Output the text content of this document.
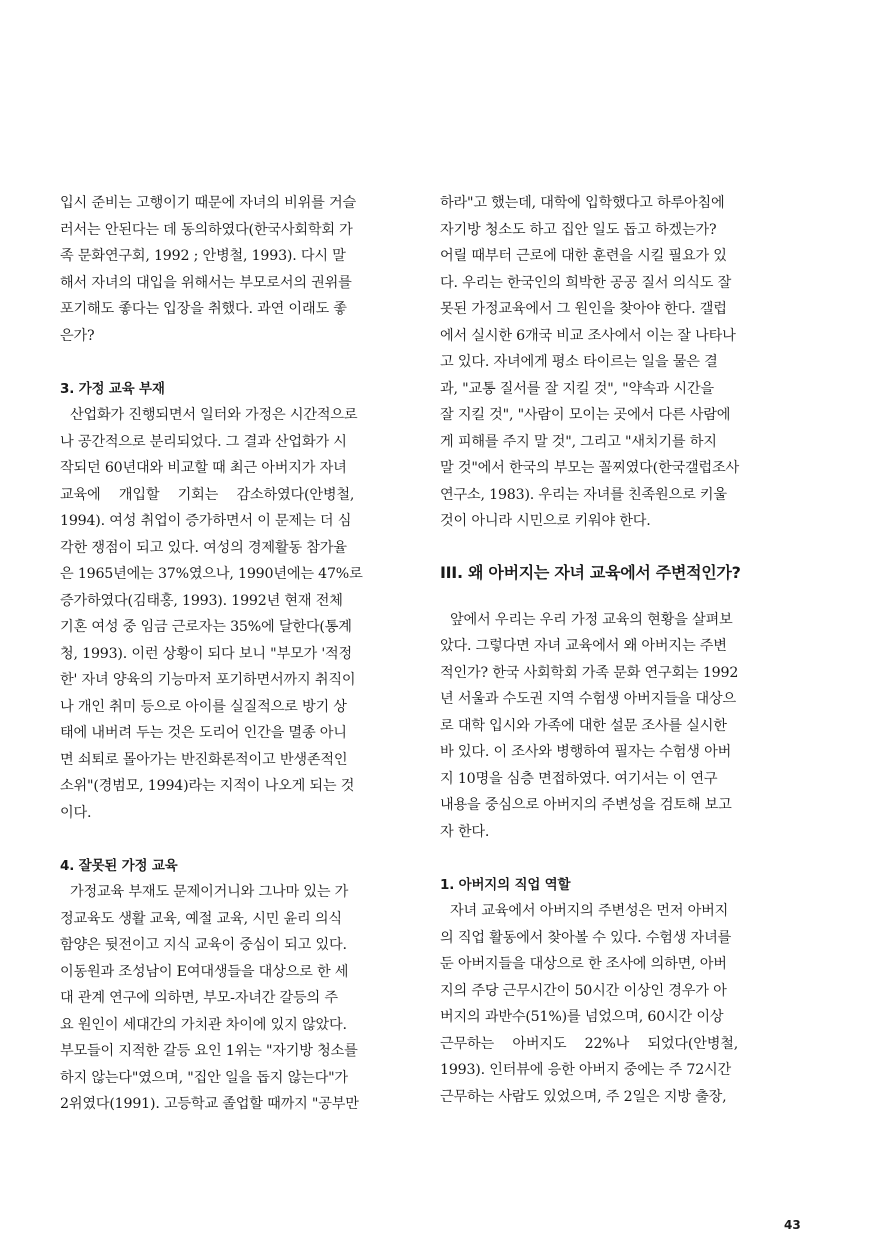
입시 준비는 고행이기 때문에 자녀의 비위를 거슬
러서는 안된다는 데 동의하였다(한국사회학회 가
족 문화연구회, 1992 ; 안병철, 1993). 다시 말
해서 자녀의 대입을 위해서는 부모로서의 권위를
포기해도 좋다는 입장을 취했다. 과연 이래도 좋
은가?
3. 가정 교육 부재
산업화가 진행되면서 일터와 가정은 시간적으로
나 공간적으로 분리되었다. 그 결과 산업화가 시
작되던 60년대와 비교할 때 최근 아버지가 자녀
교육에 개입할 기회는 감소하였다(안병철,
1994). 여성 취업이 증가하면서 이 문제는 더 심
각한 쟁점이 되고 있다. 여성의 경제활동 참가율
은 1965년에는 37%였으나, 1990년에는 47%로
증가하였다(김태홍, 1993). 1992년 현재 전체
기혼 여성 중 임금 근로자는 35%에 달한다(통계
청, 1993). 이런 상황이 되다 보니 "부모가 '적정
한' 자녀 양육의 기능마저 포기하면서까지 취직이
나 개인 취미 등으로 아이를 실질적으로 방기 상
태에 내버려 두는 것은 도리어 인간을 멸종 아니
면 쇠퇴로 몰아가는 반진화론적이고 반생존적인
소위"(경범모, 1994)라는 지적이 나오게 되는 것
이다.
4. 잘못된 가정 교육
가정교육 부재도 문제이거니와 그나마 있는 가
정교육도 생활 교육, 예절 교육, 시민 윤리 의식
함양은 뒷전이고 지식 교육이 중심이 되고 있다.
이동원과 조성남이 E여대생들을 대상으로 한 세
대 관계 연구에 의하면, 부모-자녀간 갈등의 주
요 원인이 세대간의 가치관 차이에 있지 않았다.
부모들이 지적한 갈등 요인 1위는 "자기방 청소를
하지 않는다"였으며, "집안 일을 돕지 않는다"가
2위였다(1991). 고등학교 졸업할 때까지 "공부만
하라"고 했는데, 대학에 입학했다고 하루아침에
자기방 청소도 하고 집안 일도 돕고 하겠는가?
어릴 때부터 근로에 대한 훈련을 시킬 필요가 있
다. 우리는 한국인의 희박한 공공 질서 의식도 잘
못된 가정교육에서 그 원인을 찾아야 한다. 갤럽
에서 실시한 6개국 비교 조사에서 이는 잘 나타나
고 있다. 자녀에게 평소 타이르는 일을 물은 결
과, "교통 질서를 잘 지킬 것", "약속과 시간을
잘 지킬 것", "사람이 모이는 곳에서 다른 사람에
게 피해를 주지 말 것", 그리고 "새치기를 하지
말 것"에서 한국의 부모는 꼴찌였다(한국갤럽조사
연구소, 1983). 우리는 자녀를 친족원으로 키울
것이 아니라 시민으로 키워야 한다.
III. 왜 아버지는 자녀 교육에서 주변적인가?
앞에서 우리는 우리 가정 교육의 현황을 살펴보
았다. 그렇다면 자녀 교육에서 왜 아버지는 주변
적인가? 한국 사회학회 가족 문화 연구회는 1992
년 서울과 수도권 지역 수험생 아버지들을 대상으
로 대학 입시와 가족에 대한 설문 조사를 실시한
바 있다. 이 조사와 병행하여 필자는 수험생 아버
지 10명을 심층 면접하였다. 여기서는 이 연구
내용을 중심으로 아버지의 주변성을 검토해 보고
자 한다.
1. 아버지의 직업 역할
자녀 교육에서 아버지의 주변성은 먼저 아버지
의 직업 활동에서 찾아볼 수 있다. 수험생 자녀를
둔 아버지들을 대상으로 한 조사에 의하면, 아버
지의 주당 근무시간이 50시간 이상인 경우가 아
버지의 과반수(51%)를 넘었으며, 60시간 이상
근무하는 아버지도 22%나 되었다(안병철,
1993). 인터뷰에 응한 아버지 중에는 주 72시간
근무하는 사람도 있었으며, 주 2일은 지방 출장,
43
